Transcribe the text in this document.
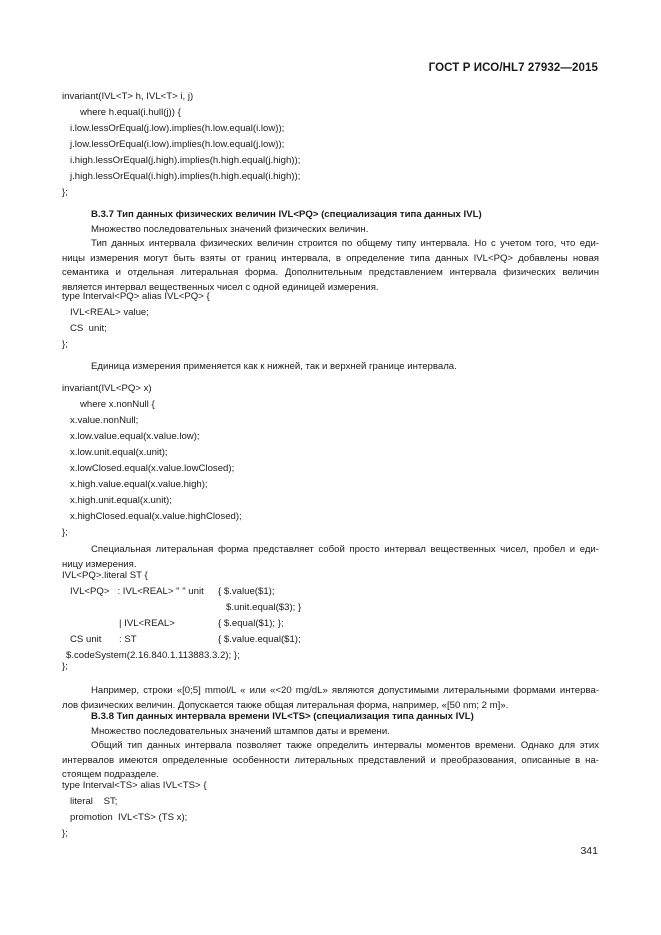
ГОСТ Р ИСО/HL7 27932—2015
invariant(IVL<T> h, IVL<T> i, j)
where h.equal(i.hull(j)) {
i.low.lessOrEqual(j.low).implies(h.low.equal(i.low));
j.low.lessOrEqual(i.low).implies(h.low.equal(j.low));
i.high.lessOrEqual(j.high).implies(h.high.equal(j.high));
j.high.lessOrEqual(i.high).implies(h.high.equal(i.high));
};
В.3.7 Тип данных физических величин IVL<PQ> (специализация типа данных IVL)
Множество последовательных значений физических величин.
Тип данных интервала физических величин строится по общему типу интервала. Но с учетом того, что еди-
ницы измерения могут быть взяты от границ интервала, в определение типа данных IVL<PQ> добавлены новая
семантика и отдельная литеральная форма. Дополнительным представлением интервала физических величин
является интервал вещественных чисел с одной единицей измерения.
type Interval<PQ> alias IVL<PQ> {
IVL<REAL> value;
CS  unit;
};
Единица измерения применяется как к нижней, так и верхней границе интервала.
invariant(IVL<PQ> x)
where x.nonNull {
x.value.nonNull;
x.low.value.equal(x.value.low);
x.low.unit.equal(x.unit);
x.lowClosed.equal(x.value.lowClosed);
x.high.value.equal(x.value.high);
x.high.unit.equal(x.unit);
x.highClosed.equal(x.value.highClosed);
};
Специальная литеральная форма представляет собой просто интервал вещественных чисел, пробел и еди-
ницу измерения.
IVL<PQ>.literal ST {
IVL<PQ>   : IVL<REAL> " " unit { $.value($1);
$.unit.equal($3); }
| IVL<REAL>	{ $.equal($1); };
CS unit : ST	{ $.value.equal($1);
$.codeSystem(2.16.840.1.113883.3.2); };
};
Например, строки «[0;5] mmol/L « или «<20 mg/dL» являются допустимыми литеральными формами интерва-
лов физических величин. Допускается также общая литеральная форма, например, «[50 nm; 2 m]».
В.3.8 Тип данных интервала времени IVL<TS> (специализация типа данных IVL)
Множество последовательных значений штампов даты и времени.
Общий тип данных интервала позволяет также определить интервалы моментов времени. Однако для этих
интервалов имеются определенные особенности литеральных представлений и преобразования, описанные в на-
стоящем подразделе.
type Interval<TS> alias IVL<TS> {
literal    ST;
promotion  IVL<TS> (TS x);
};
341
